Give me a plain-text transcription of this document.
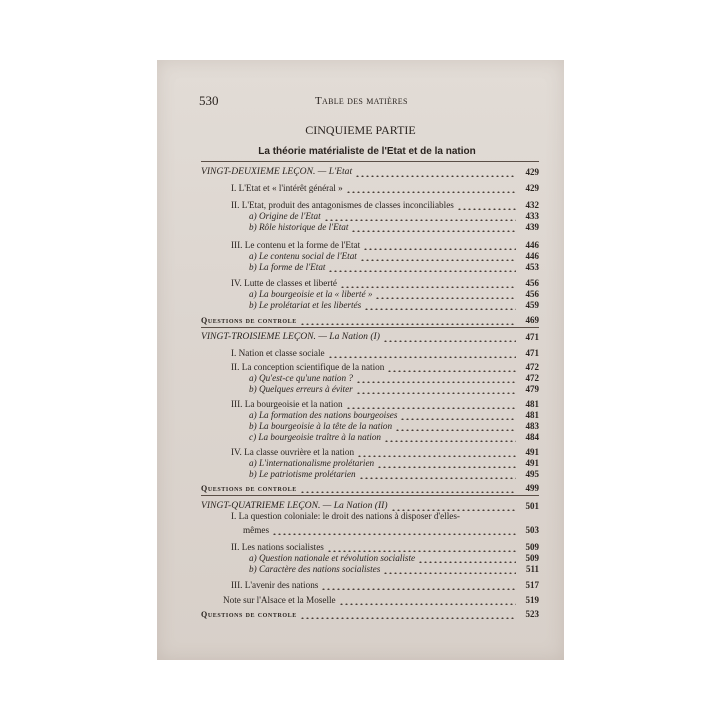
530	Table des matières
CINQUIEME PARTIE
La théorie matérialiste de l'Etat et de la nation
VINGT-DEUXIEME LEÇON. — L'Etat	429
I. L'Etat et « l'intérêt général »	429
II. L'Etat, produit des antagonismes de classes inconciliables	432
a) Origine de l'Etat	433
b) Rôle historique de l'Etat	439
III. Le contenu et la forme de l'Etat	446
a) Le contenu social de l'Etat	446
b) La forme de l'Etat	453
IV. Lutte de classes et liberté	456
a) La bourgeoisie et la « liberté »	456
b) Le prolétariat et les libertés	459
Questions de controle	469
VINGT-TROISIEME LEÇON. — La Nation (I)	471
I. Nation et classe sociale	471
II. La conception scientifique de la nation	472
a) Qu'est-ce qu'une nation ?	472
b) Quelques erreurs à éviter	479
III. La bourgeoisie et la nation	481
a) La formation des nations bourgeoises	481
b) La bourgeoisie à la tête de la nation	483
c) La bourgeoisie traître à la nation	484
IV. La classe ouvrière et la nation	491
a) L'internationalisme prolétarien	491
b) Le patriotisme prolétarien	495
Questions de controle	499
VINGT-QUATRIEME LEÇON. — La Nation (II)	501
I. La question coloniale: le droit des nations à disposer d'elles-
mêmes	503
II. Les nations socialistes	509
a) Question nationale et révolution socialiste	509
b) Caractère des nations socialistes	511
III. L'avenir des nations	517
Note sur l'Alsace et la Moselle	519
Questions de controle	523
